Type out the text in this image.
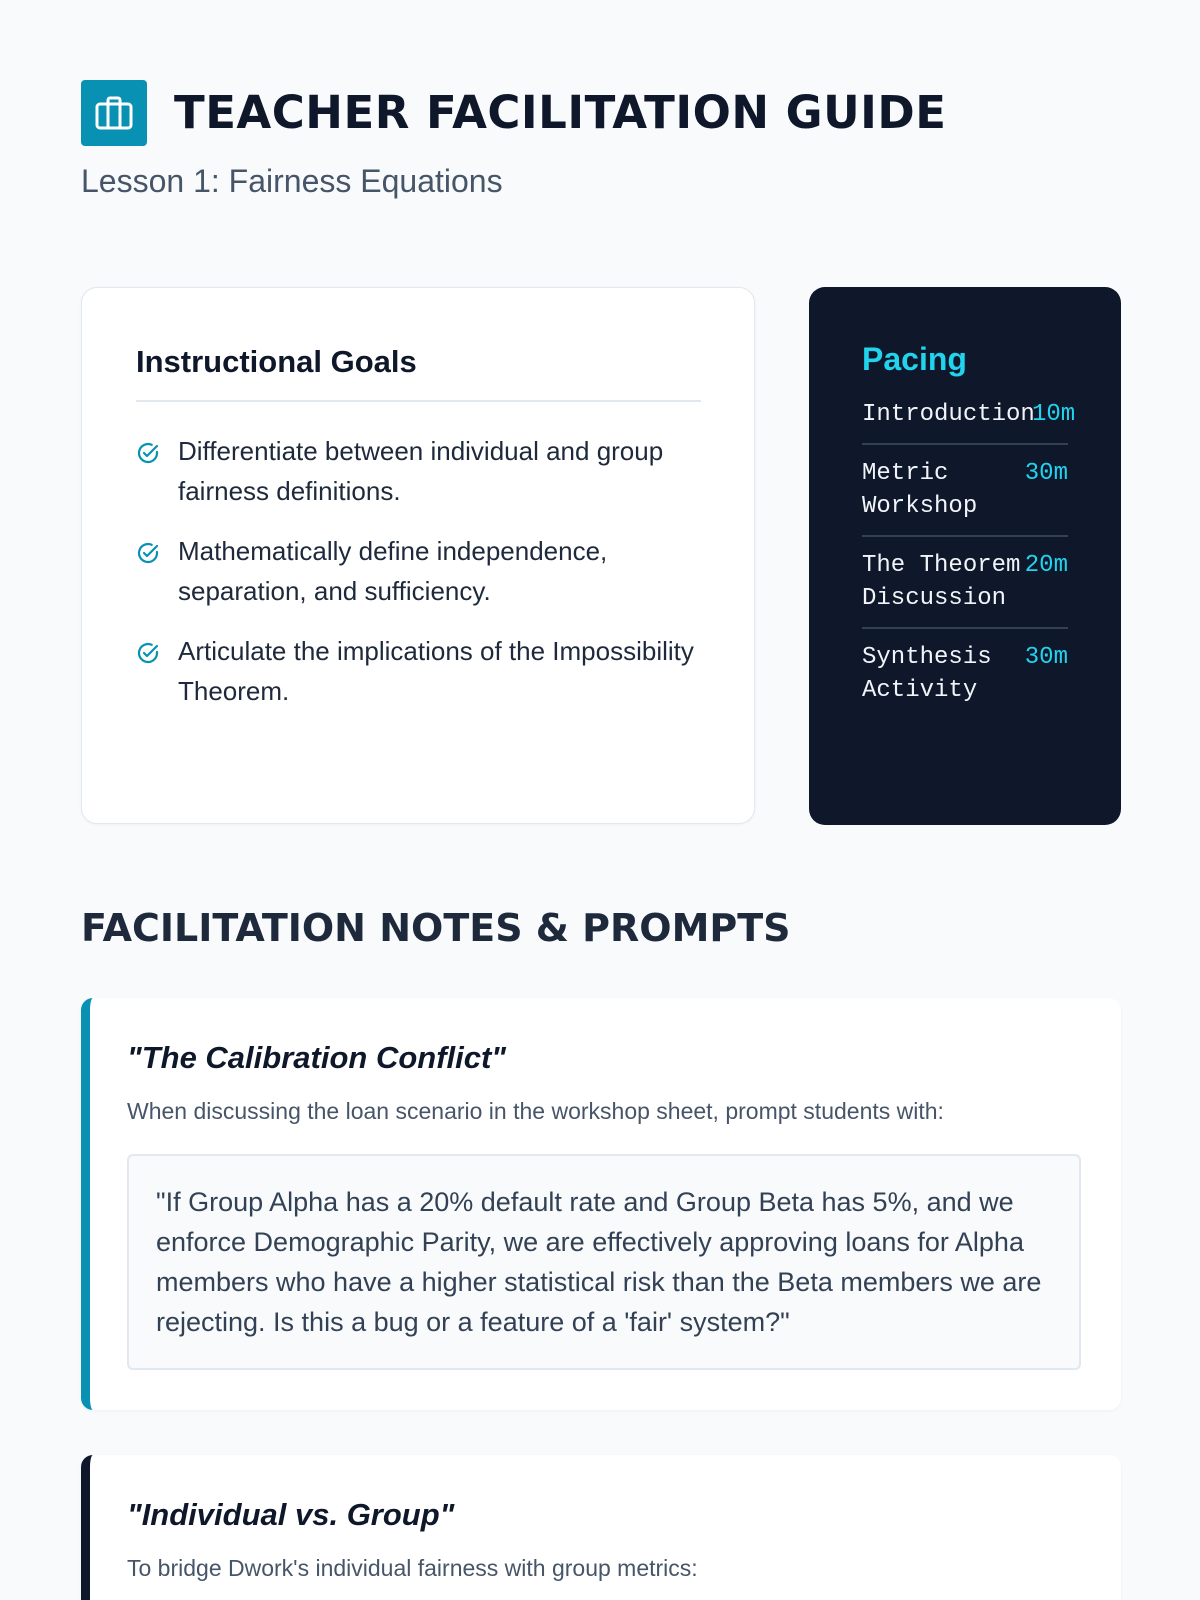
TEACHER FACILITATION GUIDE
Lesson 1: Fairness Equations
Instructional Goals
Differentiate between individual and group fairness definitions.
Mathematically define independence, separation, and sufficiency.
Articulate the implications of the Impossibility Theorem.
Pacing
Introduction
10m
Metric Workshop
30m
The Theorem Discussion
20m
Synthesis Activity
30m
FACILITATION NOTES & PROMPTS
"The Calibration Conflict"

When discussing the loan scenario in the workshop sheet, prompt students with:

"If Group Alpha has a 20% default rate and Group Beta has 5%, and we enforce Demographic Parity, we are effectively approving loans for Alpha members who have a higher statistical risk than the Beta members we are rejecting. Is this a bug or a feature of a 'fair' system?"
"Individual vs. Group"

To bridge Dwork's individual fairness with group metrics:
